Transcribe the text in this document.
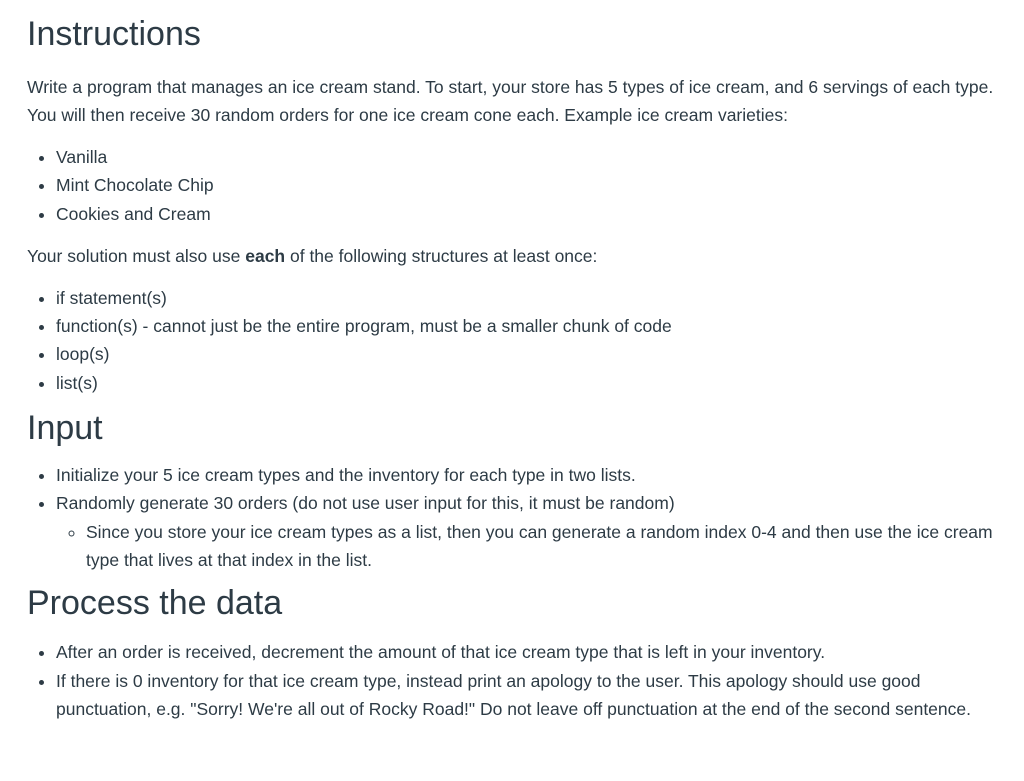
Instructions

Write a program that manages an ice cream stand. To start, your store has 5 types of ice cream, and 6 servings of each type. You will then receive 30 random orders for one ice cream cone each. Example ice cream varieties:

• Vanilla
• Mint Chocolate Chip
• Cookies and Cream

Your solution must also use each of the following structures at least once:

• if statement(s)
• function(s) - cannot just be the entire program, must be a smaller chunk of code
• loop(s)
• list(s)
Input
• Initialize your 5 ice cream types and the inventory for each type in two lists.
• Randomly generate 30 orders (do not use user input for this, it must be random)
◦ Since you store your ice cream types as a list, then you can generate a random index 0-4 and then use the ice cream type that lives at that index in the list.
Process the data
• After an order is received, decrement the amount of that ice cream type that is left in your inventory.
• If there is 0 inventory for that ice cream type, instead print an apology to the user. This apology should use good punctuation, e.g. "Sorry! We're all out of Rocky Road!" Do not leave off punctuation at the end of the second sentence.
